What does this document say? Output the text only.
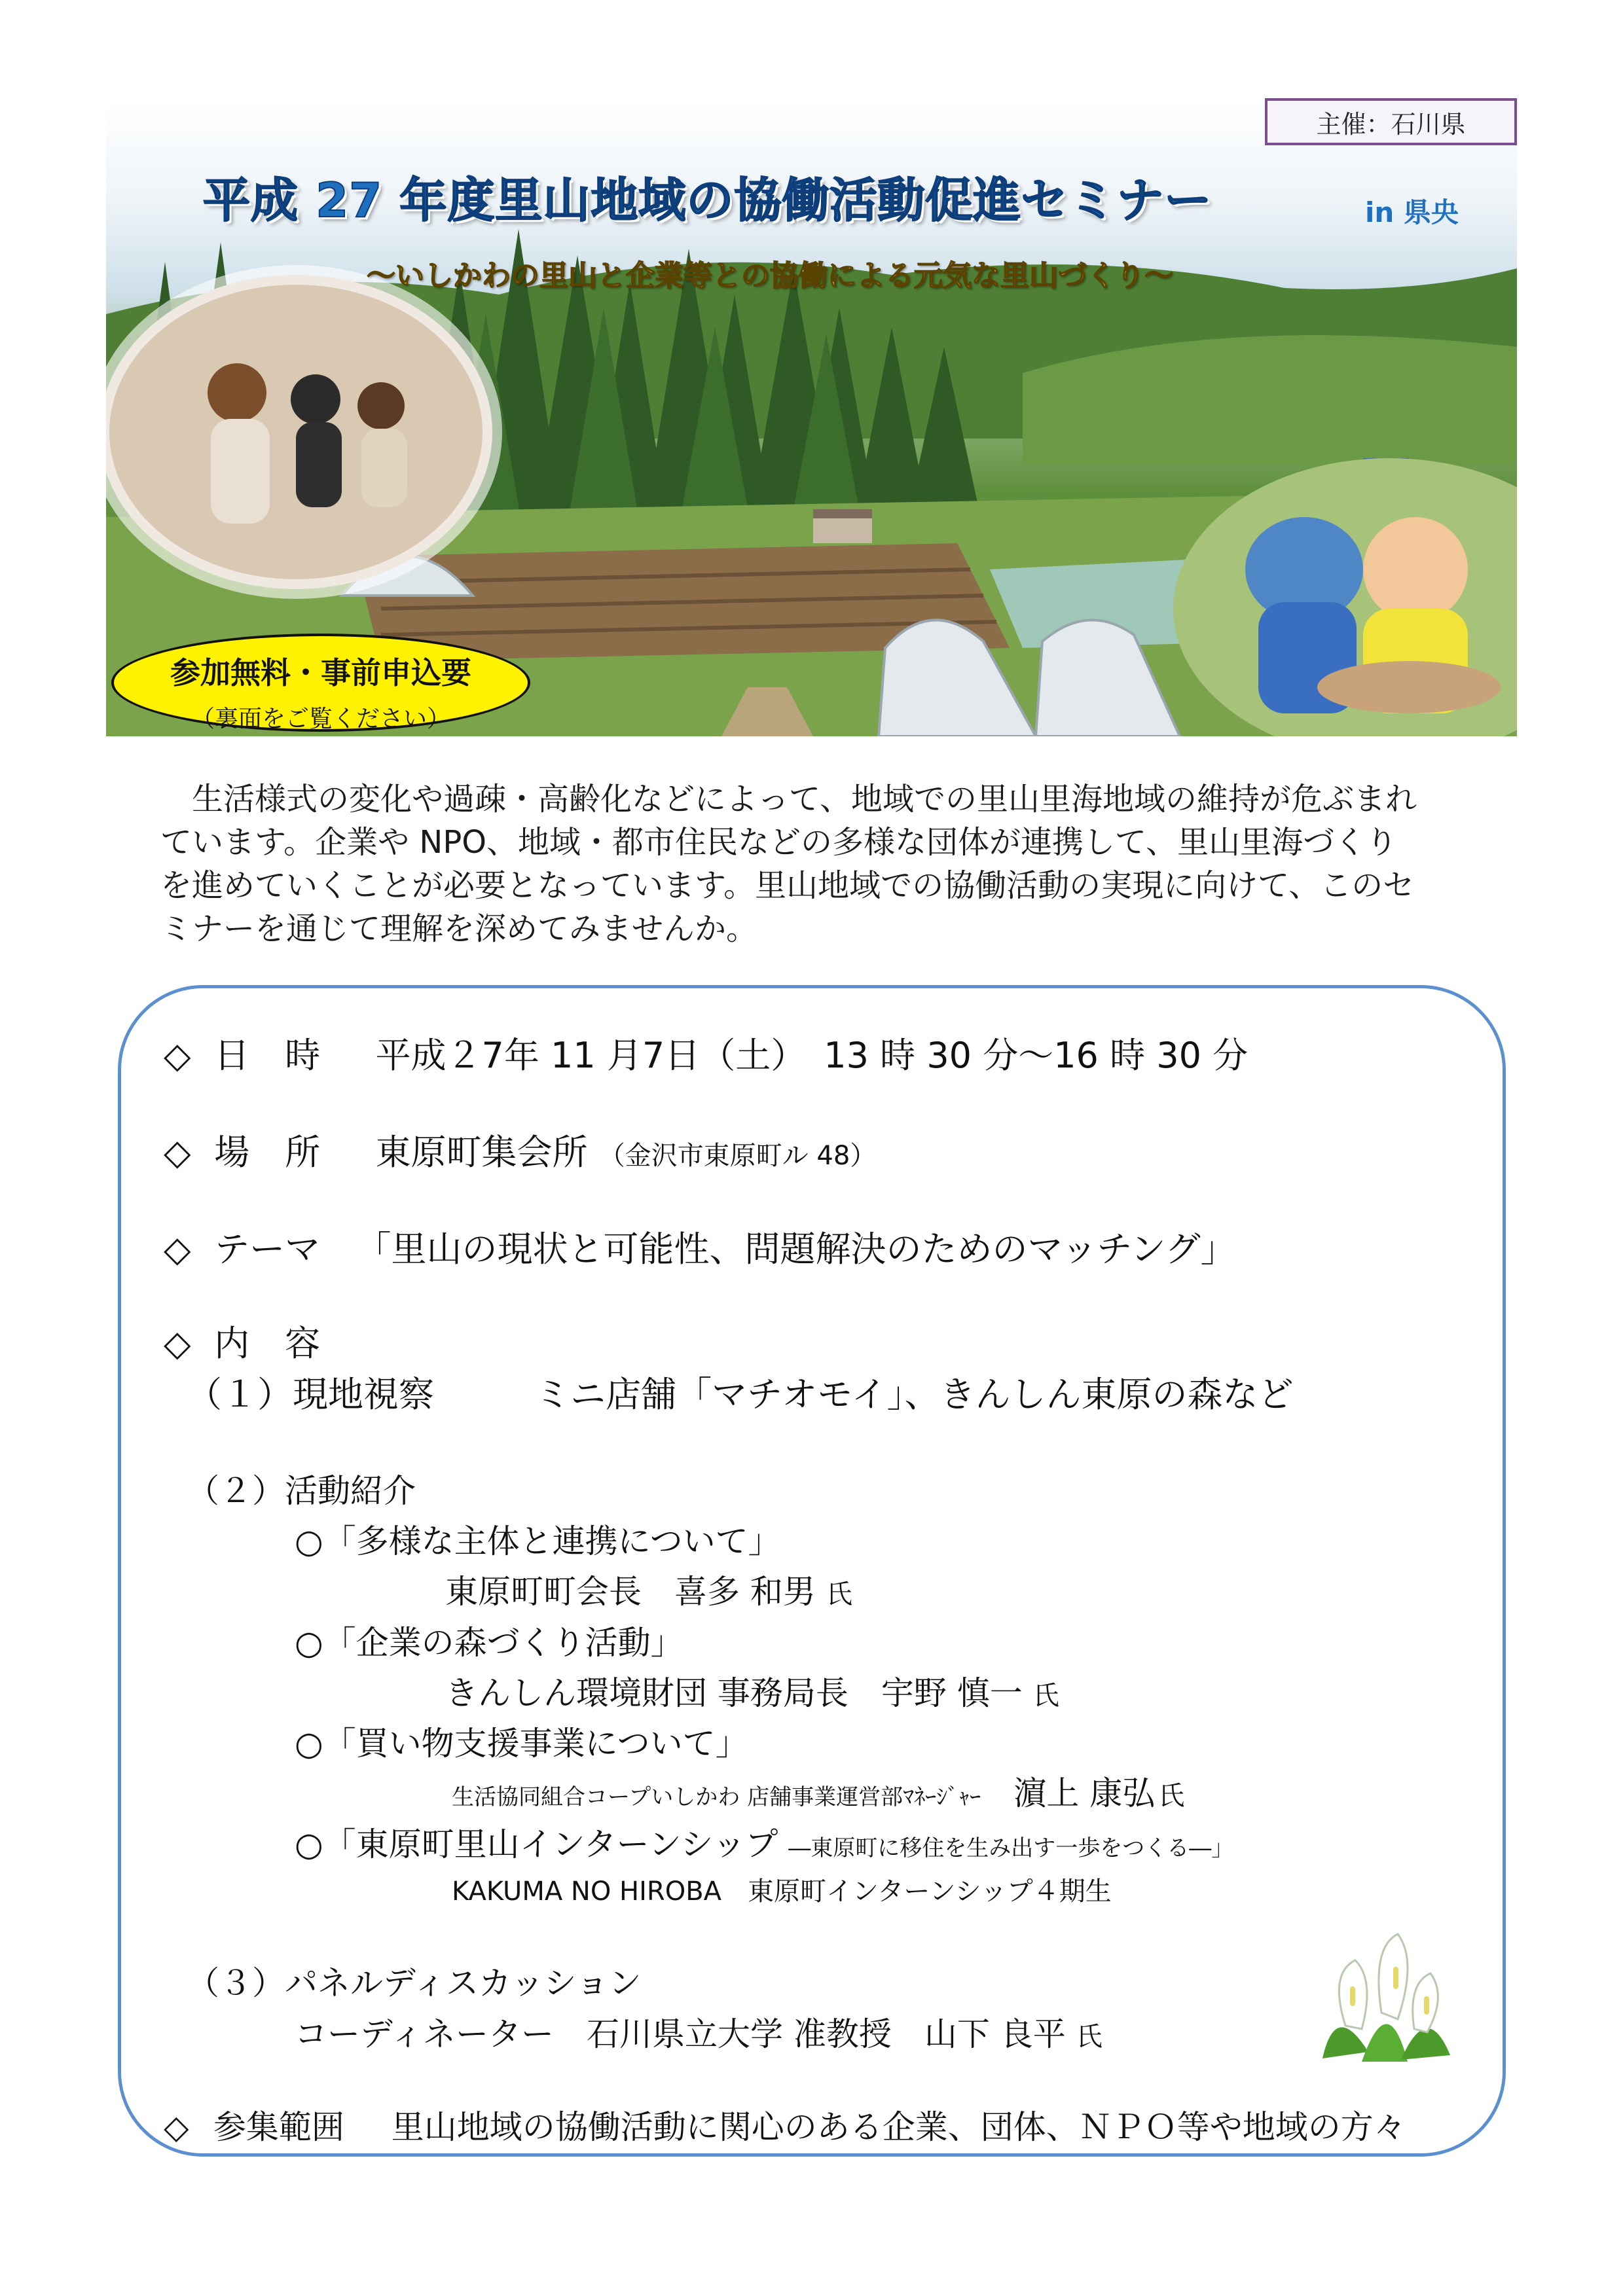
主催：石川県
平成 27 年度里山地域の協働活動促進セミナー	in 県央
～いしかわの里山と企業等との協働による元気な里山づくり～
参加無料・事前申込要
（裏面をご覧ください）

　生活様式の変化や過疎・高齢化などによって、地域での里山里海地域の維持が危ぶまれ

ています。企業や NPO、地域・都市住民などの多様な団体が連携して、里山里海づくり

を進めていくことが必要となっています。里山地域での協働活動の実現に向けて、このセ

ミナーを通じて理解を深めてみませんか。

◇ 日　時 平成２7年 11 月7日（土）　13 時 30 分～16 時 30 分
◇ 場　所 東原町集会所 （金沢市東原町ル 48）
◇ テーマ 「里山の現状と可能性、問題解決のためのマッチング」
◇ 内　容
（１）現地視察	ミニ店舗「マチオモイ」、きんしん東原の森など
（２）活動紹介
○「多様な主体と連携について」
東原町町会長　喜多 和男 氏
○「企業の森づくり活動」
きんしん環境財団 事務局長　宇野 慎一 氏
○「買い物支援事業について」
生活協同組合コープいしかわ 店舗事業運営部ﾏﾈｰｼﾞｬｰ 濵上 康弘 氏
○「東原町里山インターンシップ ―東原町に移住を生み出す一歩をつくる―」
KAKUMA NO HIROBA　東原町インターンシップ４期生
（３）パネルディスカッション
コーディネーター　石川県立大学 准教授　山下 良平 氏
◇ 参集範囲 里山地域の協働活動に関心のある企業、団体、ＮＰＯ等や地域の方々
